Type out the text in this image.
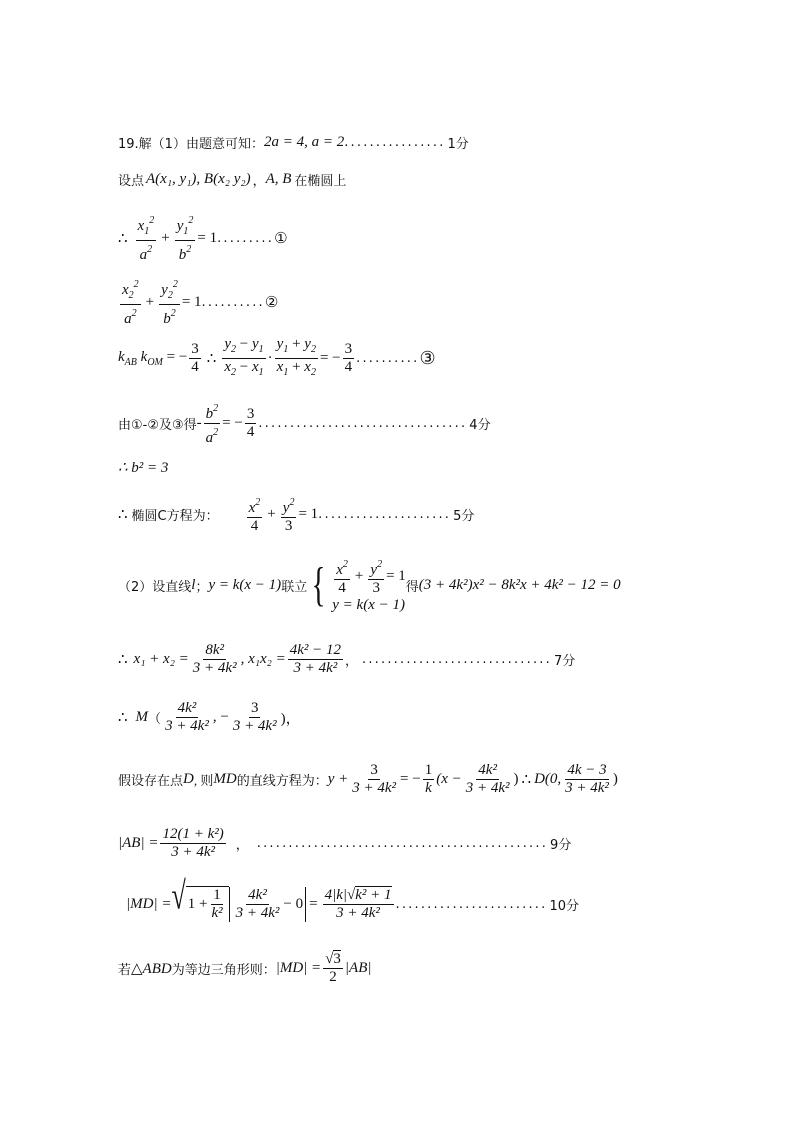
19.解（1）由题意可知： 2a = 4, a = 2 ................ 1分
设点 A(x₁, y₁), B(x₂ y₂) ， A, B 在椭圆上
∴ $\frac{x_1^2}{a^2} + \frac{y_1^2}{b^2} = 1$ ......... ①
$\frac{x_2^2}{a^2} + \frac{y_2^2}{b^2} = 1$ .......... ②
$k_{AB}$ $k_{OM}$ = − $\frac{3}{4}$ ∴ $\frac{y_2 - y_1}{x_2 - x_1} \cdot \frac{y_1 + y_2}{x_1 + x_2}$ = − $\frac{3}{4}$ .......... ③
由①-②及③得 - $\frac{b^2}{a^2}$ = − $\frac{3}{4}$ ................................. 4分
∴ b² = 3
∴ 椭圆C方程为： $\frac{x^2}{4} + \frac{y^2}{3} = 1$ ..................... 5分
（2）设直线 l ； y = k(x − 1) 联立 { $\frac{x^2}{4} + \frac{y^2}{3} = 1$
y = k(x − 1)
得 (3 + 4k²)x² − 8k²x + 4k² − 12 = 0
∴ $x_1 + x_2 = \frac{\text{8k²}}{\text{3 + 4k²}}$ , $x_1x_2 = \frac{\text{4k² − 12}}{\text{3 + 4k²}}$ ， .............................. 7分
∴ M （ $\frac{\text{4k²}}{\text{3 + 4k²}}$ , − $\frac{3}{\text{3 + 4k²}}$ )，
假设存在点 D , 则 MD 的直线方程为： $y + \frac{3}{\text{3 + 4k²}}$ = − $\frac{1}{k} (x - \frac{\text{4k²}}{\text{3 + 4k²}}$ ) ∴ D(0, $\frac{4k - 3}{\text{3 + 4k²}}$ )
$|AB| = \frac{\text{12(1 + k²)}}{\text{3 + 4k²}}$ ， .............................................. 9分
|MD| = √ $1 + \frac{1}{\text{k²}} \frac{\text{4k²}}{\text{3 + 4k²}} - 0 = \frac{\text{4|k| √ k² + 1}}{\text{3 + 4k²}}$ ........................ 10分
若 △ABD 为等边三角形则： $|MD| = \frac{√ 3}{2} |AB|$
